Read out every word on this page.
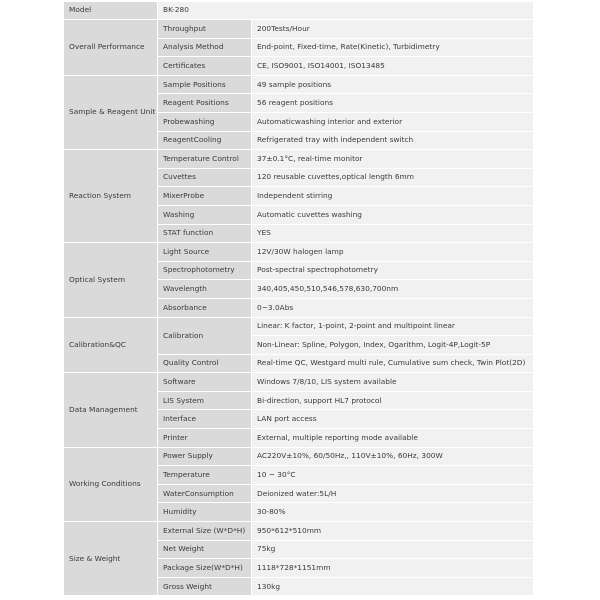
Model	BK-280	
Overall Performance	Throughput	200Tests/Hour
	Analysis Method	End-point, Fixed-time, Rate(Kinetic), Turbidimetry
	Certificates	CE, ISO9001, ISO14001, ISO13485
Sample & Reagent Unit	Sample Positions	49 sample positions
	Reagent Positions	56 reagent positions
	Probewashing	Automaticwashing interior and exterior
	ReagentCooling	Refrigerated tray with independent switch
Reaction System	Temperature Control	37±0.1°C, real-time monitor
	Cuvettes	120 reusable cuvettes,optical length 6mm
	MixerProbe	Independent stirring
	Washing	Automatic cuvettes washing
	STAT function	YES
Optical System	Light Source	12V/30W halogen lamp
	Spectrophotometry	Post-spectral spectrophotometry
	Wavelength	340,405,450,510,546,578,630,700nm
	Absorbance	0~3.0Abs
Calibration&QC	Calibration	Linear: K factor, 1-point, 2-point and multipoint linear
		Non-Linear: Spline, Polygon, Index, Ogarithm, Logit-4P,Logit-5P
	Quality Control	Real-time QC, Westgard multi rule, Cumulative sum check, Twin Plot(2D)
Data Management	Software	Windows 7/8/10, LIS system available
	LIS System	Bi-direction, support HL7 protocol
	Interface	LAN port access
	Printer	External, multiple reporting mode available
Working Conditions	Power Supply	AC220V±10%, 60/50Hz,, 110V±10%, 60Hz, 300W
	Temperature	10 ~ 30°C
	WaterConsumption	Deionized water:5L/H
	Humidity	30-80%
Size & Weight	External Size (W*D*H)	950*612*510mm
	Net Weight	75kg
	Package Size(W*D*H)	1118*728*1151mm
	Gross Weight	130kg
